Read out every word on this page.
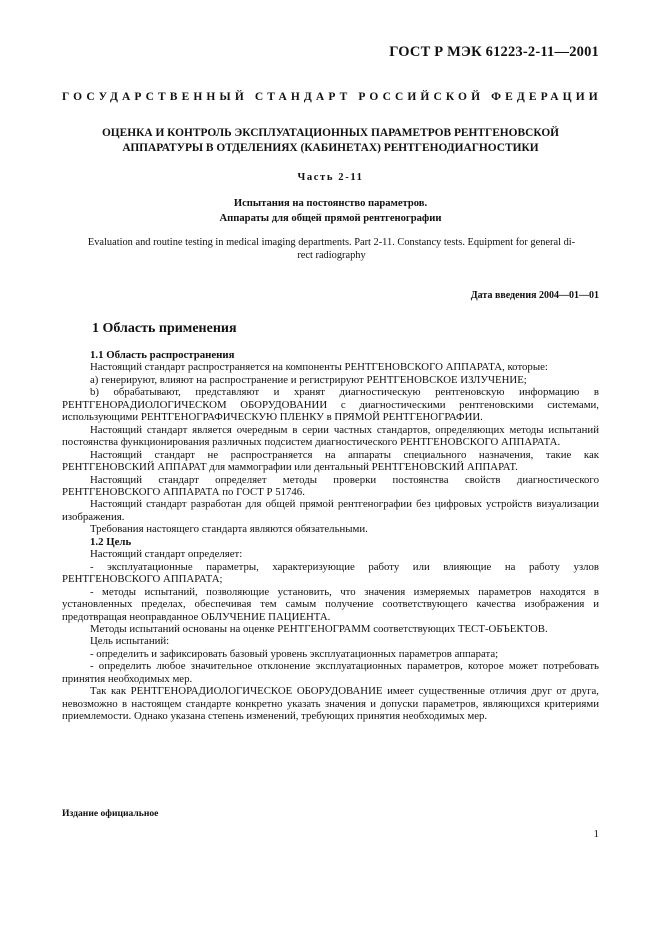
ГОСТ Р МЭК 61223-2-11—2001
ГОСУДАРСТВЕННЫЙ СТАНДАРТ РОССИЙСКОЙ ФЕДЕРАЦИИ
ОЦЕНКА И КОНТРОЛЬ ЭКСПЛУАТАЦИОННЫХ ПАРАМЕТРОВ РЕНТГЕНОВСКОЙ
АППАРАТУРЫ В ОТДЕЛЕНИЯХ (КАБИНЕТАХ) РЕНТГЕНОДИАГНОСТИКИ
Часть 2-11
Испытания на постоянство параметров.
Аппараты для общей прямой рентгенографии
Evaluation and routine testing in medical imaging departments. Part 2-11. Constancy tests. Equipment for general di-
rect radiography
Дата введения 2004—01—01
1 Область применения

1.1 Область распространения

Настоящий стандарт распространяется на компоненты РЕНТГЕНОВСКОГО АППАРАТА, которые:

а) генерируют, влияют на распространение и регистрируют РЕНТГЕНОВСКОЕ ИЗЛУЧЕНИЕ;

b) обрабатывают, представляют и хранят диагностическую рентгеновскую информацию в РЕНТГЕНОРАДИОЛОГИЧЕСКОМ ОБОРУДОВАНИИ с диагностическими рентгеновскими системами, использующими РЕНТГЕНОГРАФИЧЕСКУЮ ПЛЕНКУ в ПРЯМОЙ РЕНТГЕНОГРАФИИ.

Настоящий стандарт является очередным в серии частных стандартов, определяющих методы испытаний постоянства функционирования различных подсистем диагностического РЕНТГЕНОВСКОГО АППАРАТА.

Настоящий стандарт не распространяется на аппараты специального назначения, такие как РЕНТГЕНОВСКИЙ АППАРАТ для маммографии или дентальный РЕНТГЕНОВСКИЙ АППАРАТ.

Настоящий стандарт определяет методы проверки постоянства свойств диагностического РЕНТГЕНОВСКОГО АППАРАТА по ГОСТ Р 51746.

Настоящий стандарт разработан для общей прямой рентгенографии без цифровых устройств визуализации изображения.

Требования настоящего стандарта являются обязательными.

1.2 Цель

Настоящий стандарт определяет:

- эксплуатационные параметры, характеризующие работу или влияющие на работу узлов РЕНТГЕНОВСКОГО АППАРАТА;

- методы испытаний, позволяющие установить, что значения измеряемых параметров находятся в установленных пределах, обеспечивая тем самым получение соответствующего качества изображения и предотвращая неоправданное ОБЛУЧЕНИЕ ПАЦИЕНТА.

Методы испытаний основаны на оценке РЕНТГЕНОГРАММ соответствующих ТЕСТ-ОБЪЕКТОВ.

Цель испытаний:

- определить и зафиксировать базовый уровень эксплуатационных параметров аппарата;

- определить любое значительное отклонение эксплуатационных параметров, которое может потребовать принятия необходимых мер.

Так как РЕНТГЕНОРАДИОЛОГИЧЕСКОЕ ОБОРУДОВАНИЕ имеет существенные отличия друг от друга, невозможно в настоящем стандарте конкретно указать значения и допуски параметров, являющихся критериями приемлемости. Однако указана степень изменений, требующих принятия необходимых мер.

Издание официальное
1
